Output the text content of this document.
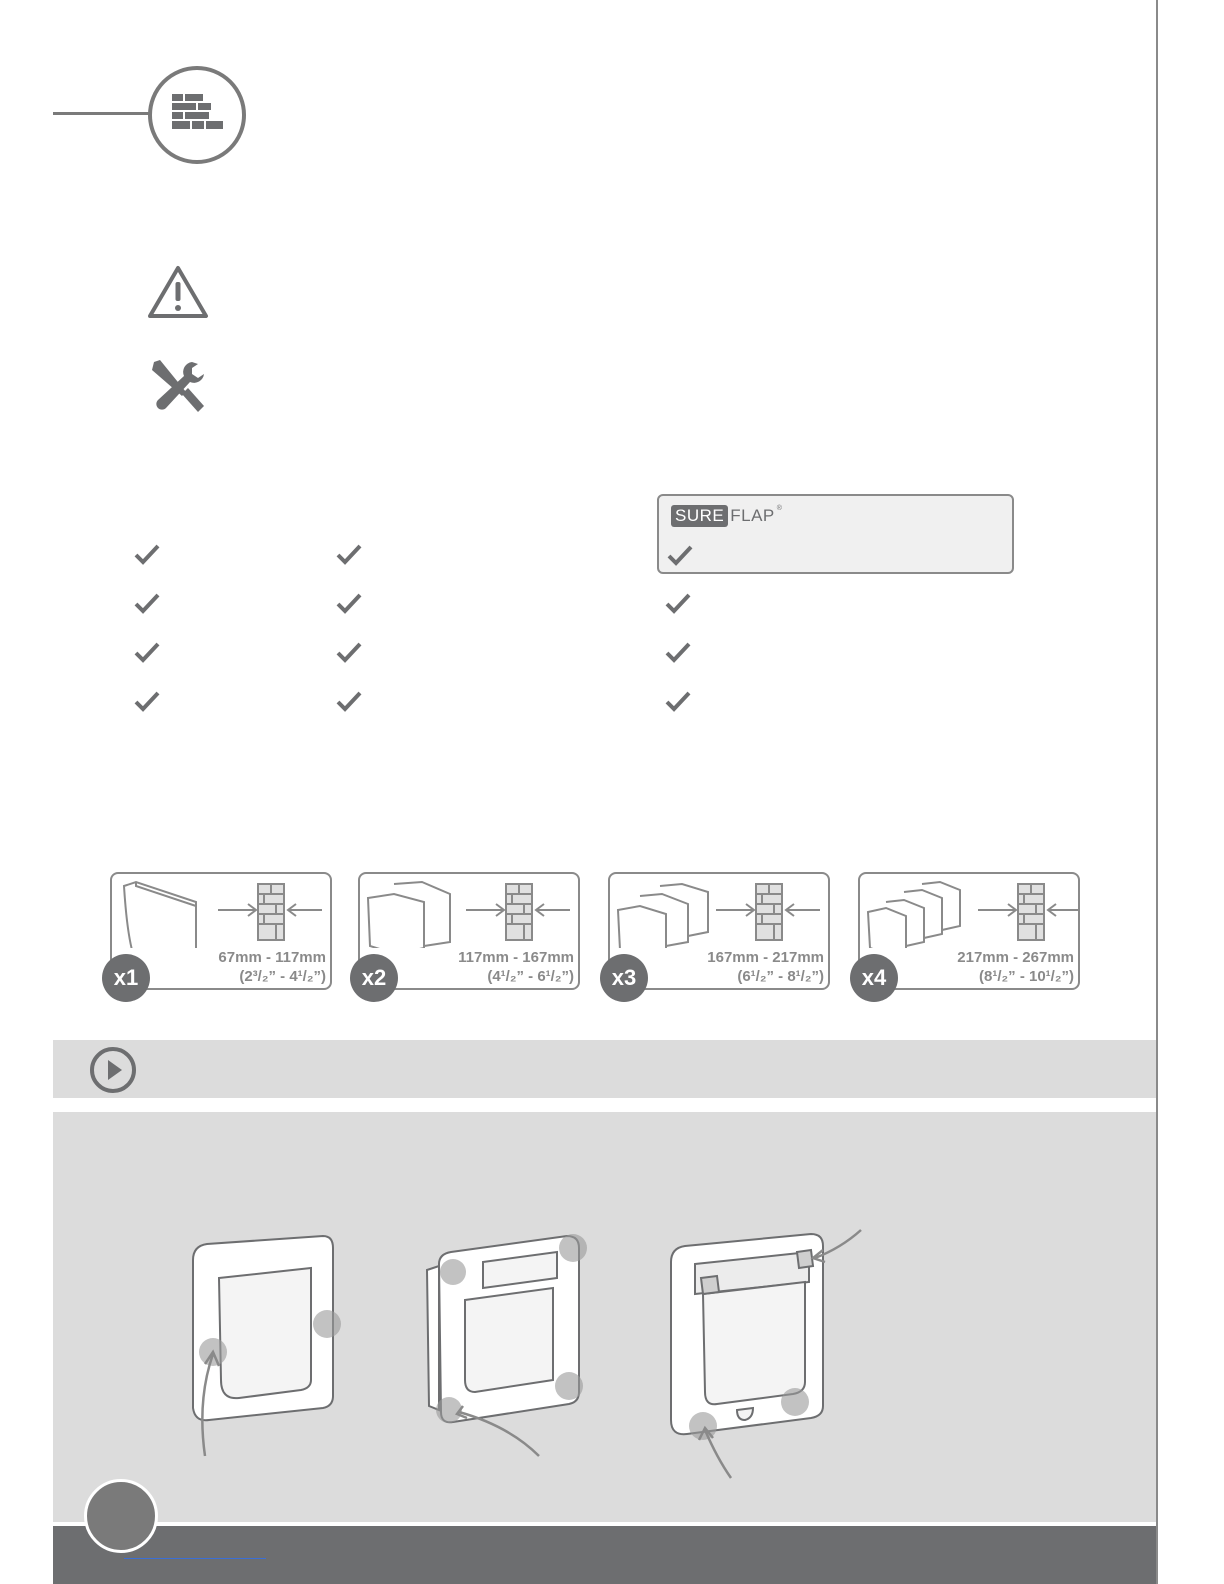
SURE FLAP ®
67mm - 117mm
(2³/₂” - 4¹/₂”)
x1
117mm - 167mm
(4¹/₂” - 6¹/₂”)
x2
167mm - 217mm
(6¹/₂” - 8¹/₂”)
x3
217mm - 267mm
(8¹/₂” - 10¹/₂”)
x4
